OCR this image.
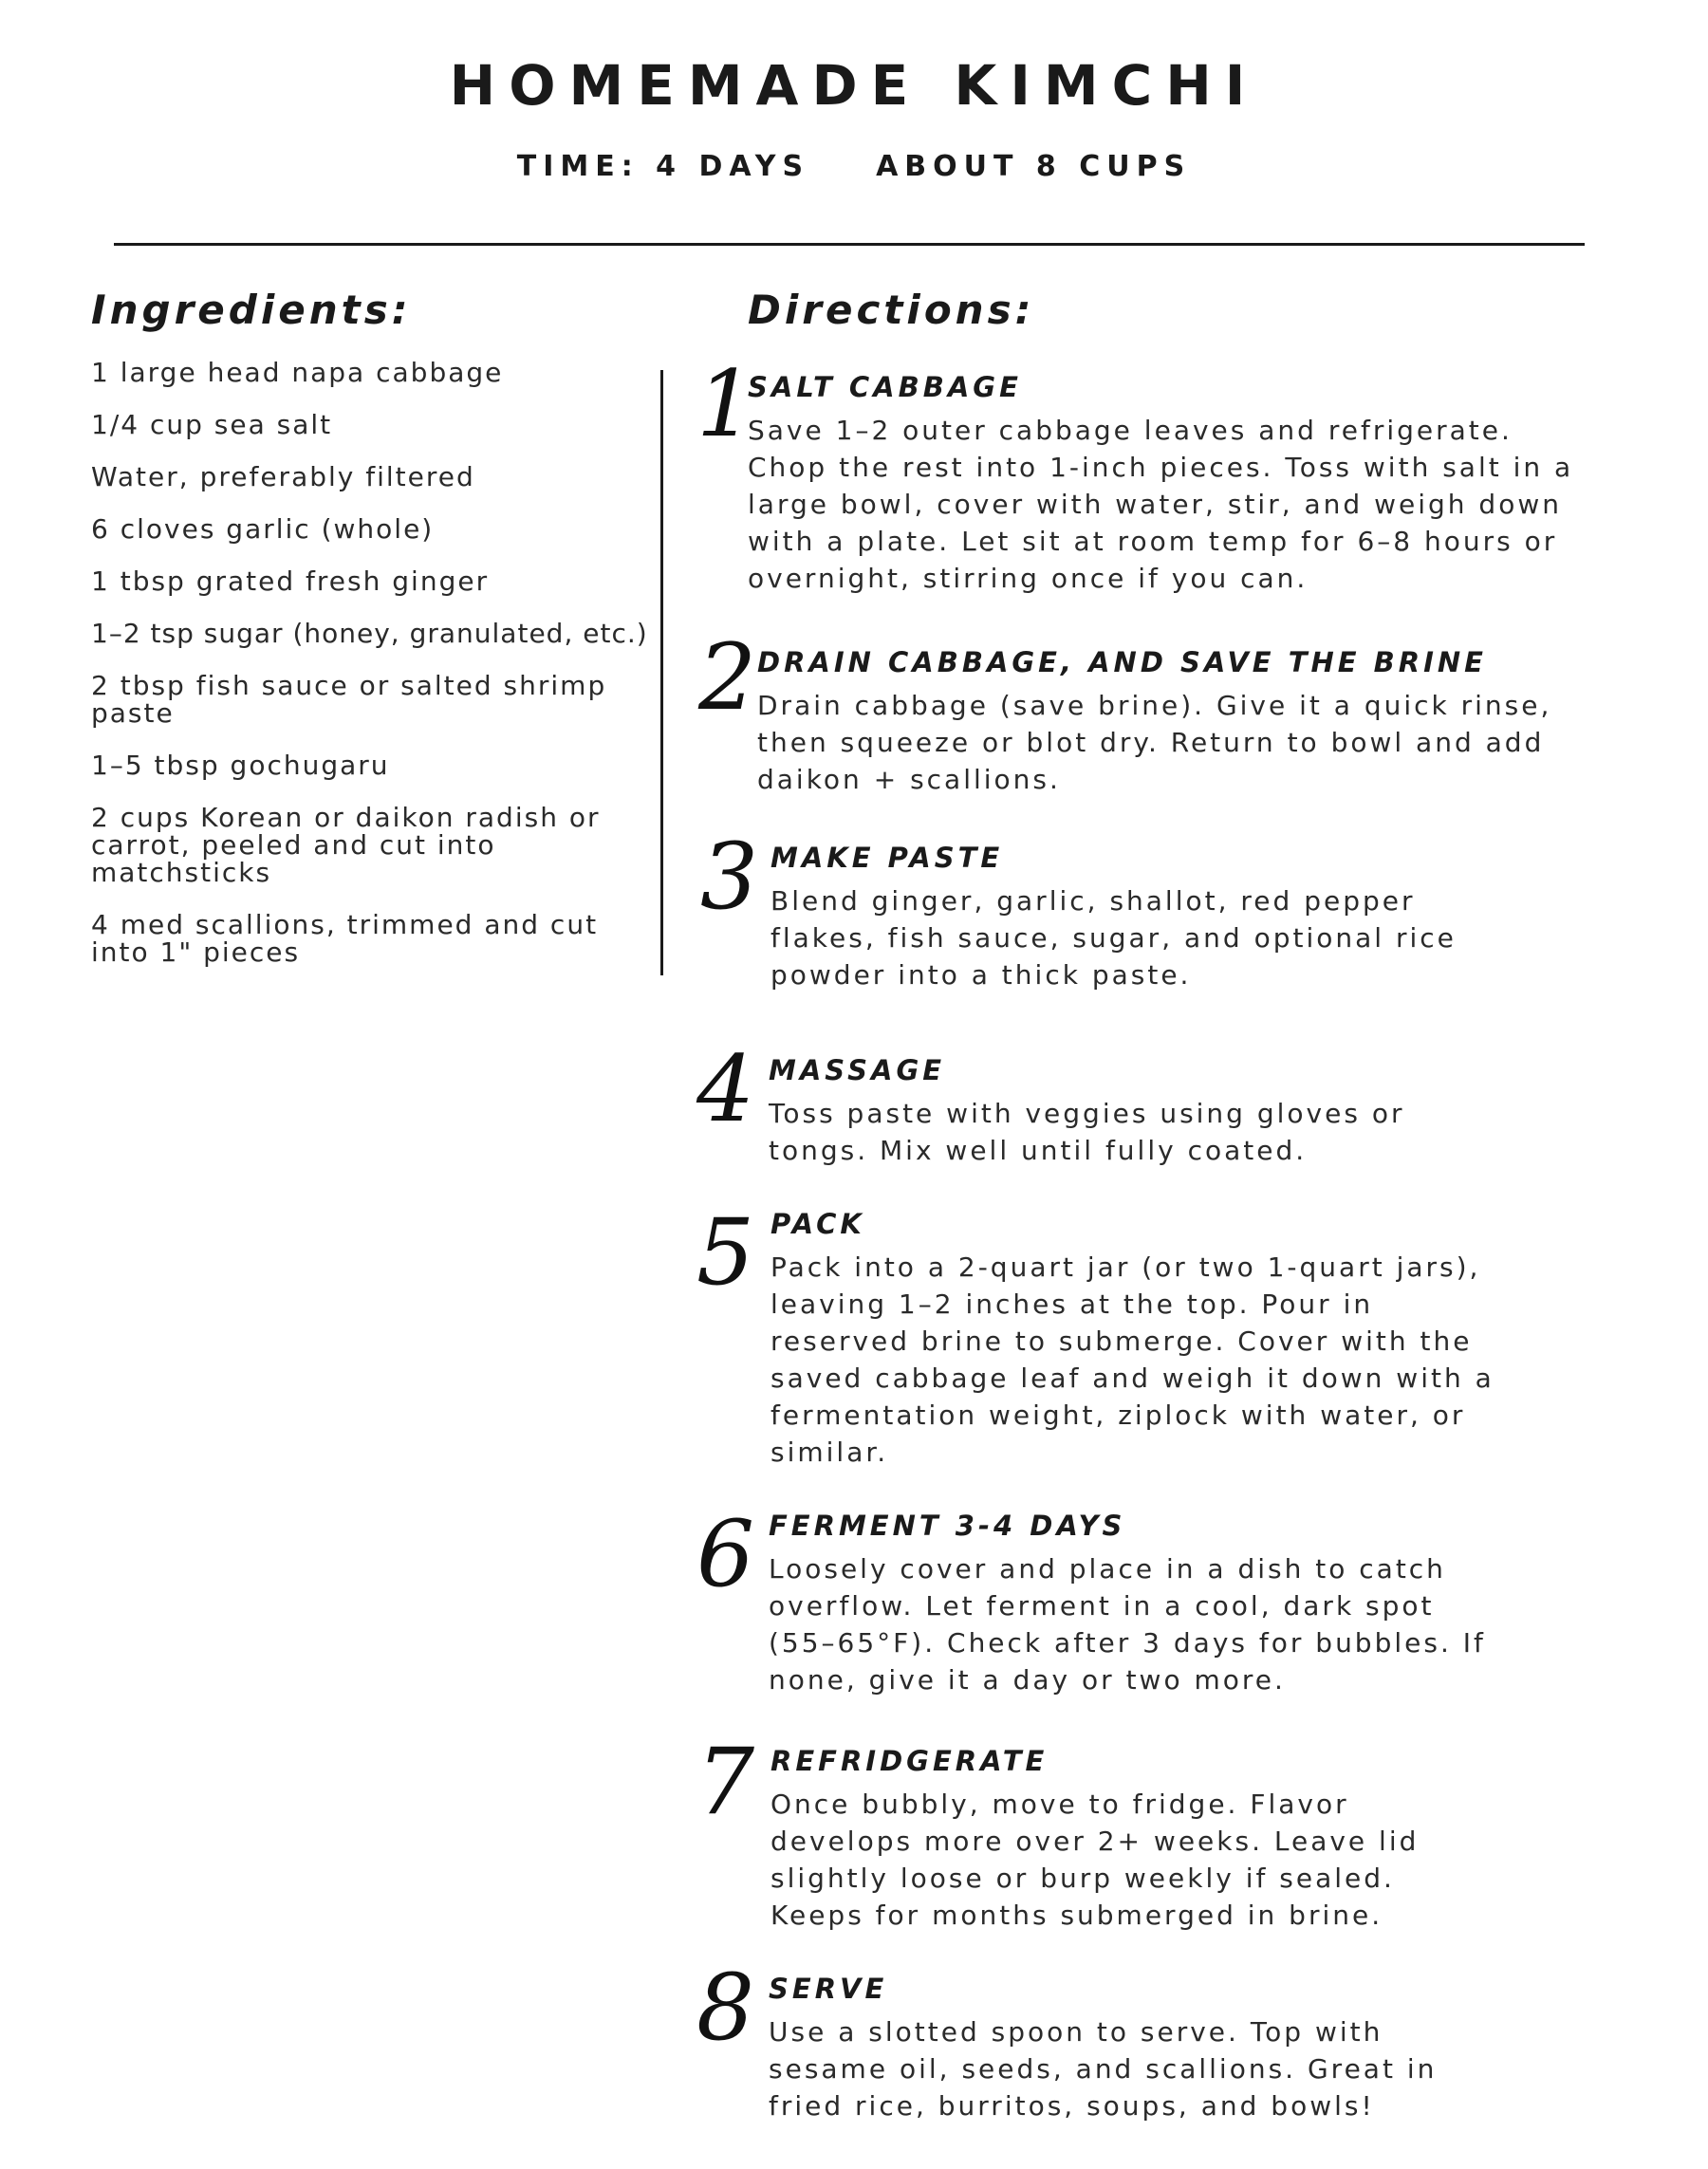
HOMEMADE KIMCHI
TIME: 4 DAYS ABOUT 8 CUPS
Ingredients:
1 large head napa cabbage
1/4 cup sea salt
Water, preferably filtered
6 cloves garlic (whole)
1 tbsp grated fresh ginger
1–2 tsp sugar (honey, granulated, etc.)
2 tbsp fish sauce or salted shrimp paste
1–5 tbsp gochugaru
2 cups Korean or daikon radish or carrot, peeled and cut into matchsticks
4 med scallions, trimmed and cut into 1" pieces
Directions:
1
SALT CABBAGE

Save 1–2 outer cabbage leaves and refrigerate. Chop the rest into 1-inch pieces. Toss with salt in a large bowl, cover with water, stir, and weigh down with a plate. Let sit at room temp for 6–8 hours or overnight, stirring once if you can.

2 DRAIN CABBAGE, AND SAVE THE BRINE

Drain cabbage (save brine). Give it a quick rinse, then squeeze or blot dry. Return to bowl and add daikon + scallions.

3 MAKE PASTE

Blend ginger, garlic, shallot, red pepper flakes, fish sauce, sugar, and optional rice powder into a thick paste.

4 MASSAGE

Toss paste with veggies using gloves or tongs. Mix well until fully coated.

5 PACK

Pack into a 2-quart jar (or two 1-quart jars), leaving 1–2 inches at the top. Pour in reserved brine to submerge. Cover with the saved cabbage leaf and weigh it down with a fermentation weight, ziplock with water, or similar.

6 FERMENT 3-4 DAYS

Loosely cover and place in a dish to catch overflow. Let ferment in a cool, dark spot (55–65°F). Check after 3 days for bubbles. If none, give it a day or two more.

7 REFRIDGERATE

Once bubbly, move to fridge. Flavor develops more over 2+ weeks. Leave lid slightly loose or burp weekly if sealed. Keeps for months submerged in brine.

8 SERVE

Use a slotted spoon to serve. Top with sesame oil, seeds, and scallions. Great in fried rice, burritos, soups, and bowls!
